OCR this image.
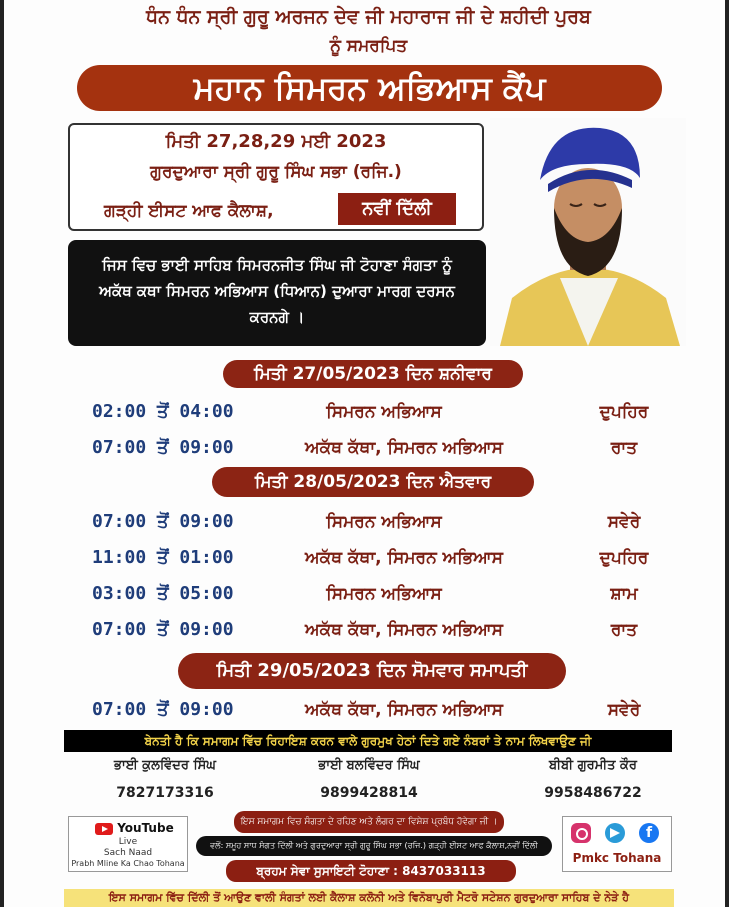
ਧੰਨ ਧੰਨ ਸ੍ਰੀ ਗੁਰੂ ਅਰਜਨ ਦੇਵ ਜੀ ਮਹਾਰਾਜ ਜੀ ਦੇ ਸ਼ਹੀਦੀ ਪੁਰਬ
ਨੂੰ ਸਮਰਪਿਤ
ਮਹਾਨ ਸਿਮਰਨ ਅਭਿਆਸ ਕੈਂਪ
ਮਿਤੀ 27,28,29 ਮਈ 2023
ਗੁਰਦੁਆਰਾ ਸ੍ਰੀ ਗੁਰੂ ਸਿੰਘ ਸਭਾ (ਰਜਿ.)
ਗੜ੍ਹੀ ਈਸਟ ਆਫ ਕੈਲਾਸ਼,	ਨਵੀਂ ਦਿੱਲੀ
ਜਿਸ ਵਿਚ ਭਾਈ ਸਾਹਿਬ ਸਿਮਰਨਜੀਤ ਸਿੰਘ ਜੀ ਟੋਹਾਣਾ ਸੰਗਤਾ ਨੂੰ ਅਕੱਥ ਕਥਾ ਸਿਮਰਨ ਅਭਿਆਸ (ਧਿਆਨ) ਦੁਆਰਾ ਮਾਰਗ ਦਰਸਨ ਕਰਨਗੇ ।
ਮਿਤੀ 27/05/2023 ਦਿਨ ਸ਼ਨੀਵਾਰ
02:00 ਤੋਂ 04:00	ਸਿਮਰਨ ਅਭਿਆਸ	ਦੁਪਹਿਰ
07:00 ਤੋਂ 09:00	ਅਕੱਥ ਕੱਥਾ, ਸਿਮਰਨ ਅਭਿਆਸ	ਰਾਤ
ਮਿਤੀ 28/05/2023 ਦਿਨ ਐਤਵਾਰ
07:00 ਤੋਂ 09:00	ਸਿਮਰਨ ਅਭਿਆਸ	ਸਵੇਰੇ
11:00 ਤੋਂ 01:00	ਅਕੱਥ ਕੱਥਾ, ਸਿਮਰਨ ਅਭਿਆਸ	ਦੁਪਹਿਰ
03:00 ਤੋਂ 05:00	ਸਿਮਰਨ ਅਭਿਆਸ	ਸ਼ਾਮ
07:00 ਤੋਂ 09:00	ਅਕੱਥ ਕੱਥਾ, ਸਿਮਰਨ ਅਭਿਆਸ	ਰਾਤ
ਮਿਤੀ 29/05/2023 ਦਿਨ ਸੋਮਵਾਰ ਸਮਾਪਤੀ
07:00 ਤੋਂ 09:00	ਅਕੱਥ ਕੱਥਾ, ਸਿਮਰਨ ਅਭਿਆਸ	ਸਵੇਰੇ
ਬੇਨਤੀ ਹੈ ਕਿ ਸਮਾਗਮ ਵਿੱਚ ਰਿਹਾਇਸ਼ ਕਰਨ ਵਾਲੇ ਗੁਰਮੁਖ ਹੇਠਾਂ ਦਿਤੇ ਗਏ ਨੰਬਰਾਂ ਤੇ ਨਾਮ ਲਿਖਵਾਉਣ ਜੀ
ਭਾਈ ਕੁਲਵਿੰਦਰ ਸਿੰਘ
7827173316
ਭਾਈ ਬਲਵਿੰਦਰ ਸਿੰਘ
9899428814
ਬੀਬੀ ਗੁਰਮੀਤ ਕੌਰ
9958486722
YouTube
Live
Sach Naad
Prabh Mline Ka Chao Tohana
ਇਸ ਸਮਾਗਮ ਵਿਚ ਸੰਗਤਾ ਦੇ ਰਹਿਣ ਅਤੇ ਲੰਗਰ ਦਾ ਵਿਸ਼ੇਸ਼ ਪ੍ਰਬੰਧ ਹੋਵੇਗਾ ਜੀ ।
ਵਲੋਂ: ਸਮੂਹ ਸਾਧ ਸੰਗਤ ਦਿੱਲੀ ਅਤੇ ਗੁਰਦੁਆਰਾ ਸ੍ਰੀ ਗੁਰੂ ਸਿੰਘ ਸਭਾ (ਰਜਿ.) ਗੜ੍ਹੀ ਈਸਟ ਆਫ ਕੈਲਾਸ਼,ਨਵੀਂ ਦਿੱਲੀ
ਬ੍ਰਹਮ ਸੇਵਾ ਸੁਸਾਇਟੀ ਟੋਹਾਣਾ : 8437033113
f
Pmkc Tohana
ਇਸ ਸਮਾਗਮ ਵਿੱਚ ਦਿੱਲੀ ਤੋਂ ਆਉਣ ਵਾਲੀ ਸੰਗਤਾਂ ਲਈ ਕੈਲਾਸ਼ ਕਲੋਨੀ ਅਤੇ ਵਿਨੋਬਾਪੁਰੀ ਮੈਟਰੋ ਸਟੇਸ਼ਨ ਗੁਰਦੁਆਰਾ ਸਾਹਿਬ ਦੇ ਨੇੜੇ ਹੈ
